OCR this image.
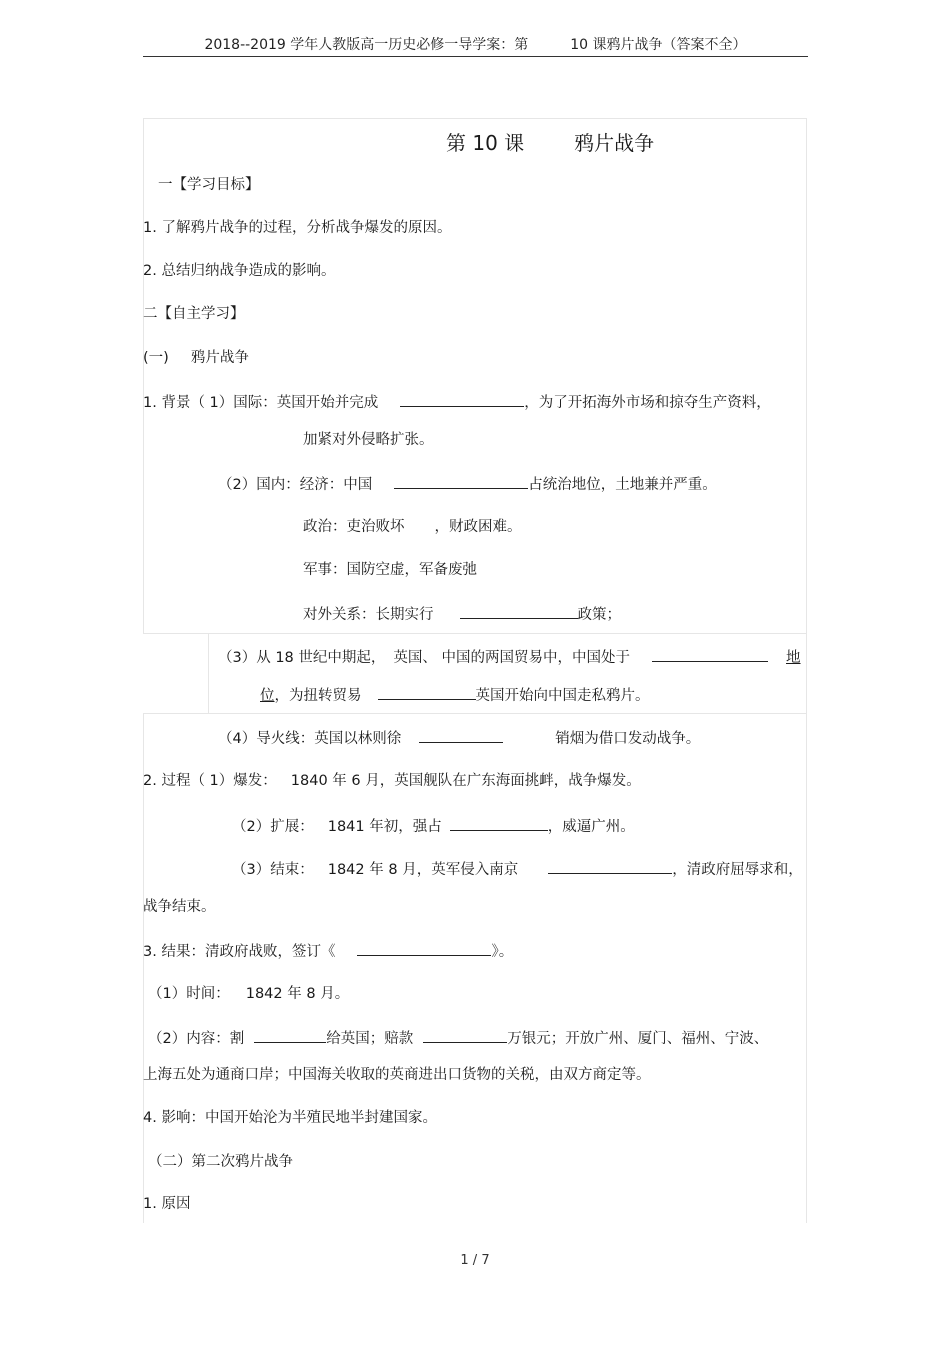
2018--2019 学年人教版高一历史必修一导学案：第	10 课鸦片战争（答案不全）
第 10 课	鸦片战争
一【学习目标】
1. 了解鸦片战争的过程，分析战争爆发的原因。
2. 总结归纳战争造成的影响。
二【自主学习】
(一) 鸦片战争
1. 背景（ 1）国际：英国开始并完成	，为了开拓海外市场和掠夺生产资料，
加紧对外侵略扩张。
（2）国内：经济：中国	占统治地位，土地兼并严重。
政治：吏治败坏 ，财政困难。
军事：国防空虚，军备废弛
对外关系：长期实行	政策；
（3）从 18 世纪中期起， 英国、 中国的两国贸易中，中国处于	地
位，为扭转贸易	英国开始向中国走私鸦片。
（4）导火线：英国以林则徐	销烟为借口发动战争。
2. 过程（ 1）爆发： 1840 年 6 月，英国舰队在广东海面挑衅，战争爆发。
（2）扩展： 1841 年初，强占	，威逼广州。
（3）结束： 1842 年 8 月，英军侵入南京	，清政府屈辱求和，
战争结束。
3. 结果：清政府战败，签订《	》。
（1）时间： 1842 年 8 月。
（2）内容：割	给英国；赔款	万银元；开放广州、厦门、福州、宁波、
上海五处为通商口岸；中国海关收取的英商进出口货物的关税，由双方商定等。
4. 影响：中国开始沦为半殖民地半封建国家。
（二）第二次鸦片战争
1. 原因
1 / 7
